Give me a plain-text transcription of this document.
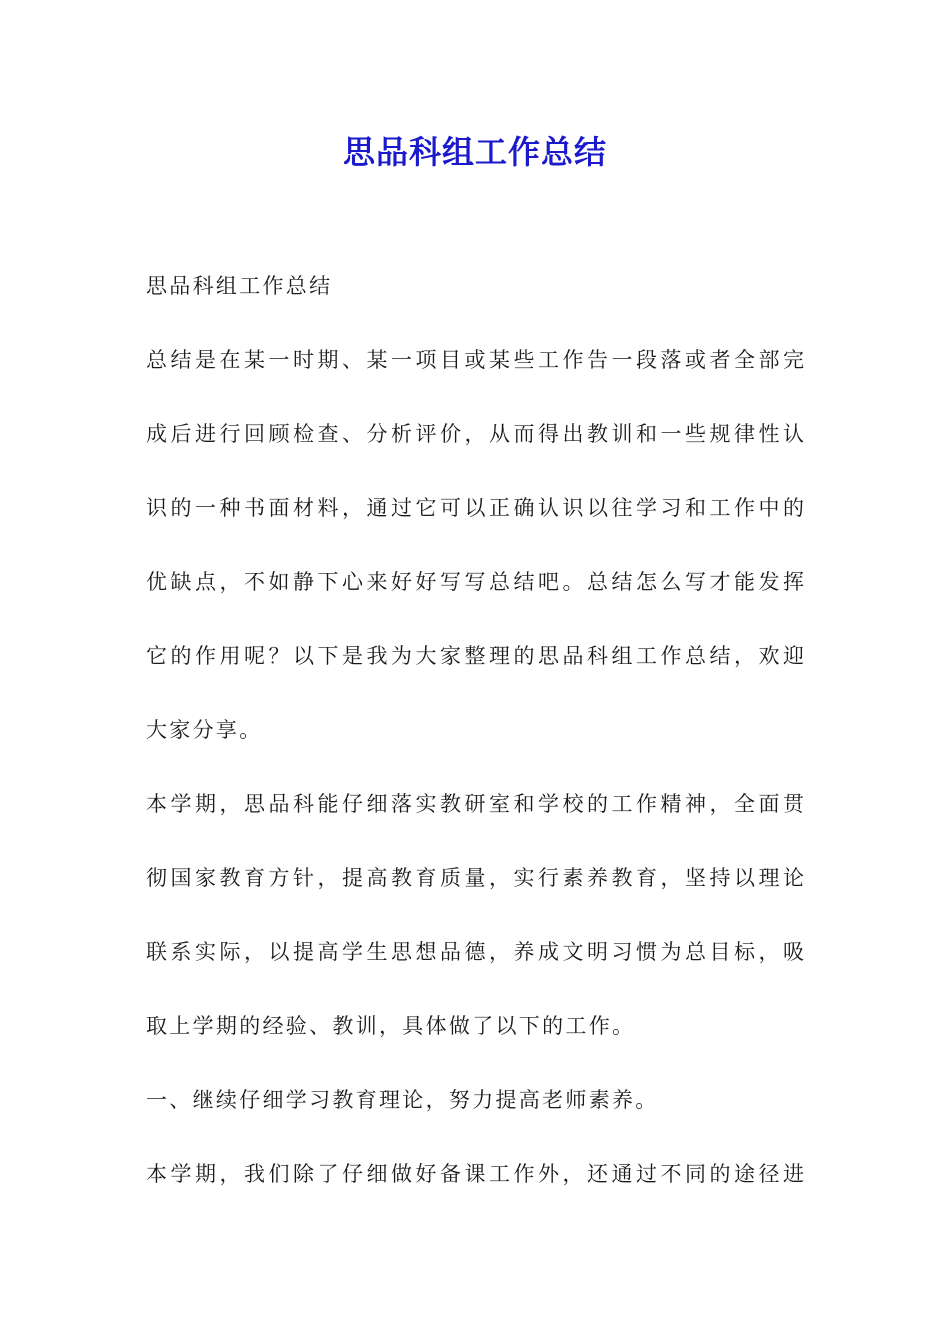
思品科组工作总结
思品科组工作总结
总结是在某一时期、某一项目或某些工作告一段落或者全部完
成后进行回顾检查、分析评价，从而得出教训和一些规律性认
识的一种书面材料，通过它可以正确认识以往学习和工作中的
优缺点，不如静下心来好好写写总结吧。总结怎么写才能发挥
它的作用呢？以下是我为大家整理的思品科组工作总结，欢迎
大家分享。
本学期，思品科能仔细落实教研室和学校的工作精神，全面贯
彻国家教育方针，提高教育质量，实行素养教育，坚持以理论
联系实际，以提高学生思想品德，养成文明习惯为总目标，吸
取上学期的经验、教训，具体做了以下的工作。
一、继续仔细学习教育理论，努力提高老师素养。
本学期，我们除了仔细做好备课工作外，还通过不同的途径进
